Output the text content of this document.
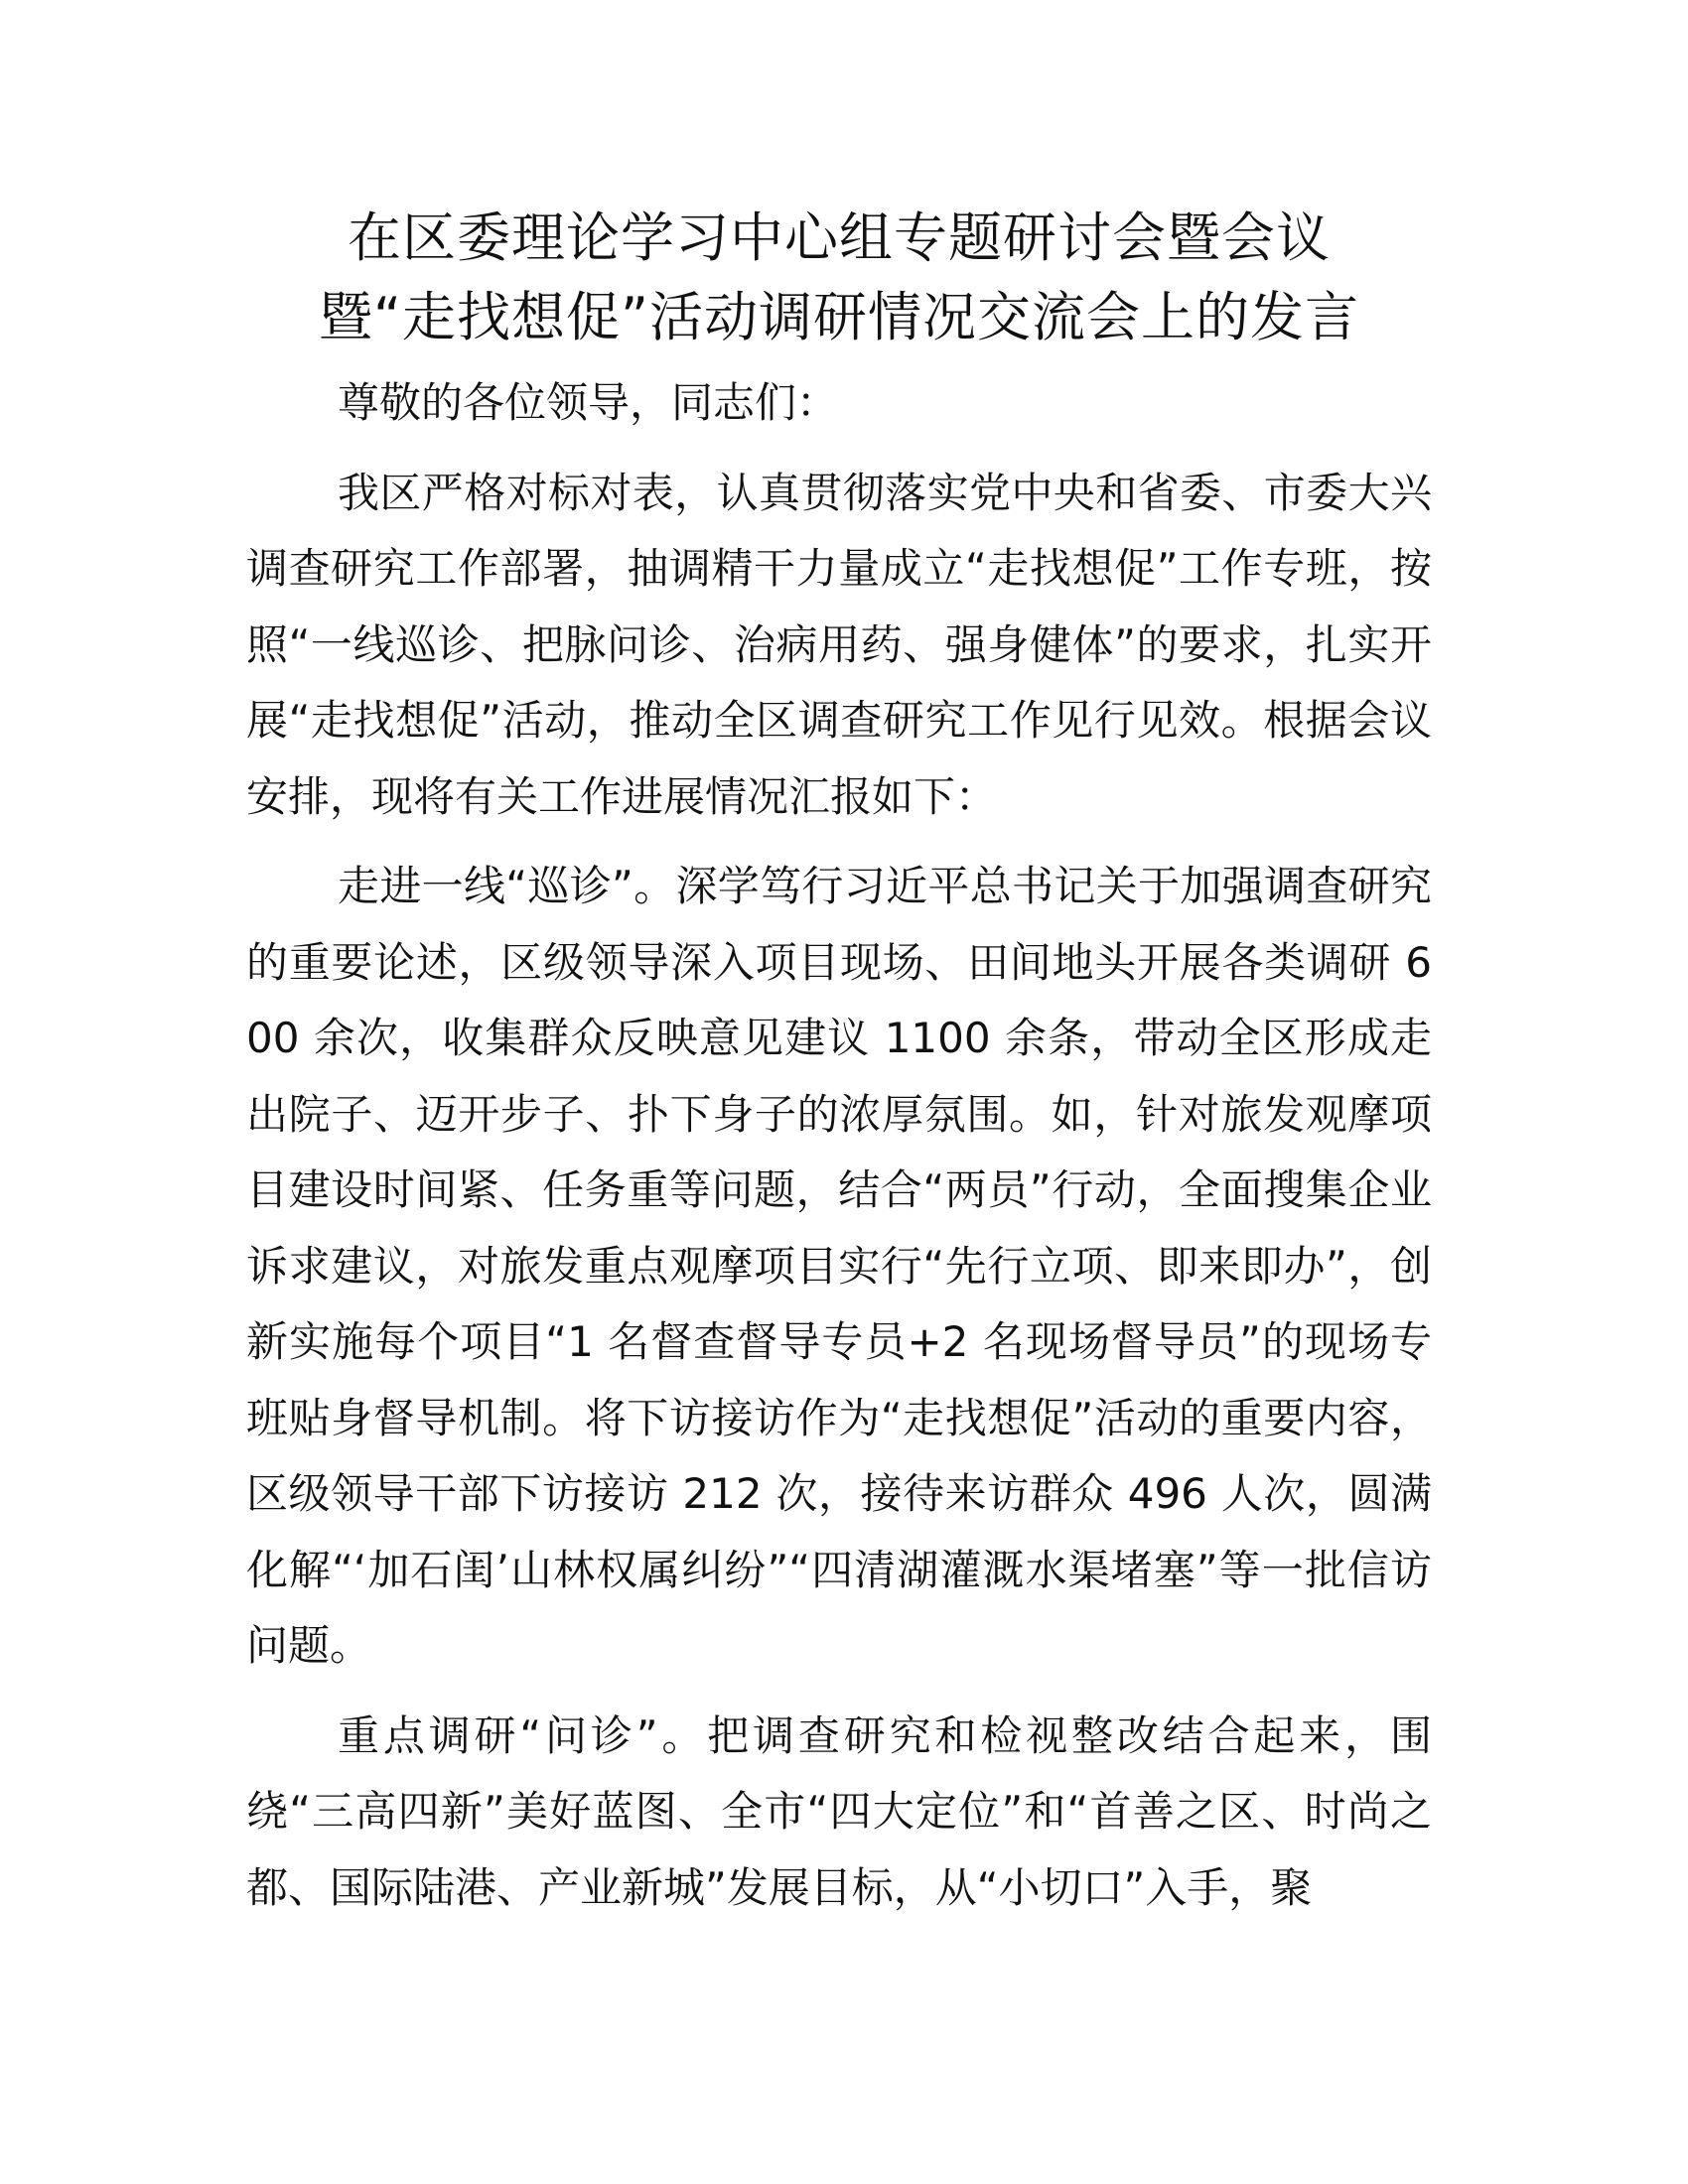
在区委理论学习中心组专题研讨会暨会议
暨“走找想促”活动调研情况交流会上的发言

尊敬的各位领导，同志们：

我区严格对标对表，认真贯彻落实党中央和省委、市委大兴调查研究工作部署，抽调精干力量成立“走找想促”工作专班，按照“一线巡诊、把脉问诊、治病用药、强身健体”的要求，扎实开展“走找想促”活动，推动全区调查研究工作见行见效。根据会议安排，现将有关工作进展情况汇报如下：

走进一线“巡诊”。深学笃行习近平总书记关于加强调查研究的重要论述，区级领导深入项目现场、田间地头开展各类调研 600 余次，收集群众反映意见建议 1100 余条，带动全区形成走出院子、迈开步子、扑下身子的浓厚氛围。如，针对旅发观摩项目建设时间紧、任务重等问题，结合“两员”行动，全面搜集企业诉求建议，对旅发重点观摩项目实行“先行立项、即来即办”，创新实施每个项目“1 名督查督导专员+2 名现场督导员”的现场专班贴身督导机制。将下访接访作为“走找想促”活动的重要内容，区级领导干部下访接访 212 次，接待来访群众 496 人次，圆满化解“‘加石闺’山林权属纠纷”“四清湖灌溉水渠堵塞”等一批信访问题。

重点调研“问诊”。把调查研究和检视整改结合起来，围绕“三高四新”美好蓝图、全市“四大定位”和“首善之区、时尚之都、国际陆港、产业新城”发展目标，从“小切口”入手，聚
